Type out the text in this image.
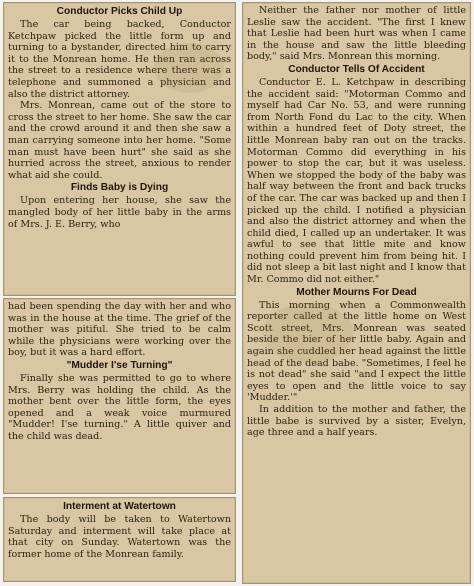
Conductor Picks Child Up

The car being backed, Conductor Ketchpaw picked the little form up and turning to a bystander, directed him to carry it to the Monrean home. He then ran across the street to a residence where there was a telephone and summoned a physician and also the district attorney.

Mrs. Monrean, came out of the store to cross the street to her home. She saw the car and the crowd around it and then she saw a man carrying someone into her home. "Some man must have been hurt" she said as she hurried across the street, anxious to render what aid she could.

Finds Baby is Dying

Upon entering her house, she saw the mangled body of her little baby in the arms of Mrs. J. E. Berry, who

had been spending the day with her and who was in the house at the time. The grief of the mother was pitiful. She tried to be calm while the physicians were working over the boy, but it was a hard effort.

"Mudder I'se Turning"

Finally she was permitted to go to where Mrs. Berry was holding the child. As the mother bent over the little form, the eyes opened and a weak voice murmured "Mudder! I'se turning." A little quiver and the child was dead.

Interment at Watertown

The body will be taken to Watertown Saturday and interment will take place at that city on Sunday. Watertown was the former home of the Monrean family.

Neither the father nor mother of little Leslie saw the accident. "The first I knew that Leslie had been hurt was when I came in the house and saw the little bleeding body," said Mrs. Monrean this morning.

Conductor Tells Of Accident

Conductor E. L. Ketchpaw in describing the accident said: "Motorman Commo and myself had Car No. 53, and were running from North Fond du Lac to the city. When within a hundred feet of Doty street, the little Monrean baby ran out on the tracks. Motorman Commo did everything in his power to stop the car, but it was useless. When we stopped the body of the baby was half way between the front and back trucks of the car. The car was backed up and then I picked up the child. I notified a physician and also the district attorney and when the child died, I called up an undertaker. It was awful to see that little mite and know nothing could prevent him from being hit. I did not sleep a bit last night and I know that Mr. Commo did not either."

Mother Mourns For Dead

This morning when a Commonwealth reporter called at the little home on West Scott street, Mrs. Monrean was seated beside the bier of her little baby. Again and again she cuddled her head against the little head of the dead babe. "Sometimes, I feel he is not dead" she said "and I expect the little eyes to open and the little voice to say 'Mudder.'"

In addition to the mother and father, the little babe is survived by a sister, Evelyn, age three and a half years.
